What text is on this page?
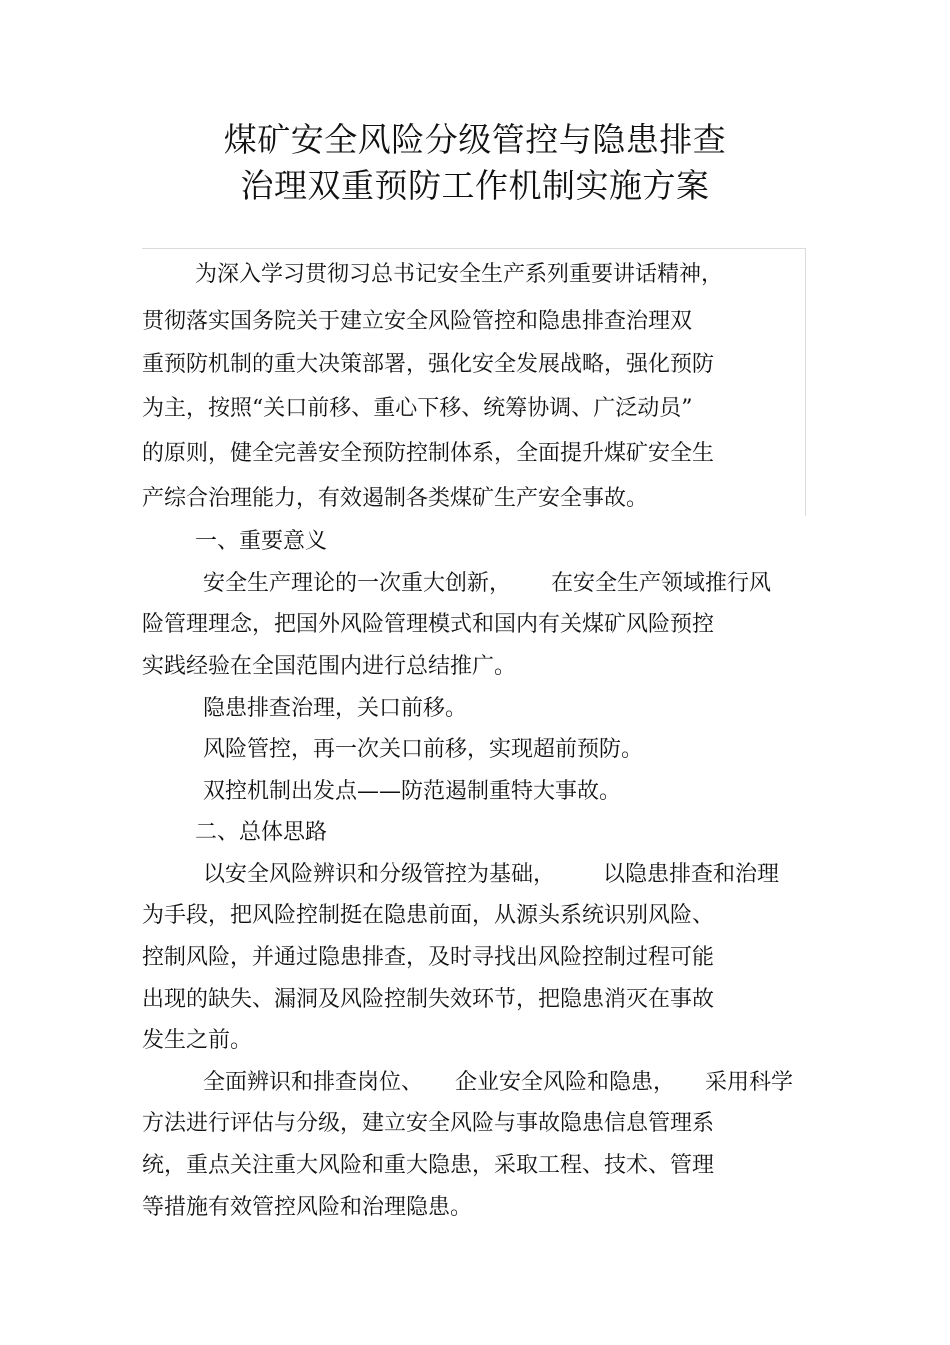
煤矿安全风险分级管控与隐患排查
治理双重预防工作机制实施方案

为深入学习贯彻习总书记安全生产系列重要讲话精神，

贯彻落实国务院关于建立安全风险管控和隐患排查治理双

重预防机制的重大决策部署，强化安全发展战略，强化预防

为主，按照“关口前移、重心下移、统筹协调、广泛动员”

的原则，健全完善安全预防控制体系，全面提升煤矿安全生

产综合治理能力，有效遏制各类煤矿生产安全事故。

一、重要意义

安全生产理论的一次重大创新， 在安全生产领域推行风

险管理理念，把国外风险管理模式和国内有关煤矿风险预控

实践经验在全国范围内进行总结推广。

隐患排查治理，关口前移。

风险管控，再一次关口前移，实现超前预防。

双控机制出发点——防范遏制重特大事故。

二、总体思路

以安全风险辨识和分级管控为基础， 以隐患排查和治理

为手段，把风险控制挺在隐患前面，从源头系统识别风险、

控制风险，并通过隐患排查，及时寻找出风险控制过程可能

出现的缺失、漏洞及风险控制失效环节，把隐患消灭在事故

发生之前。

全面辨识和排查岗位、 企业安全风险和隐患， 采用科学

方法进行评估与分级，建立安全风险与事故隐患信息管理系

统，重点关注重大风险和重大隐患，采取工程、技术、管理

等措施有效管控风险和治理隐患。
